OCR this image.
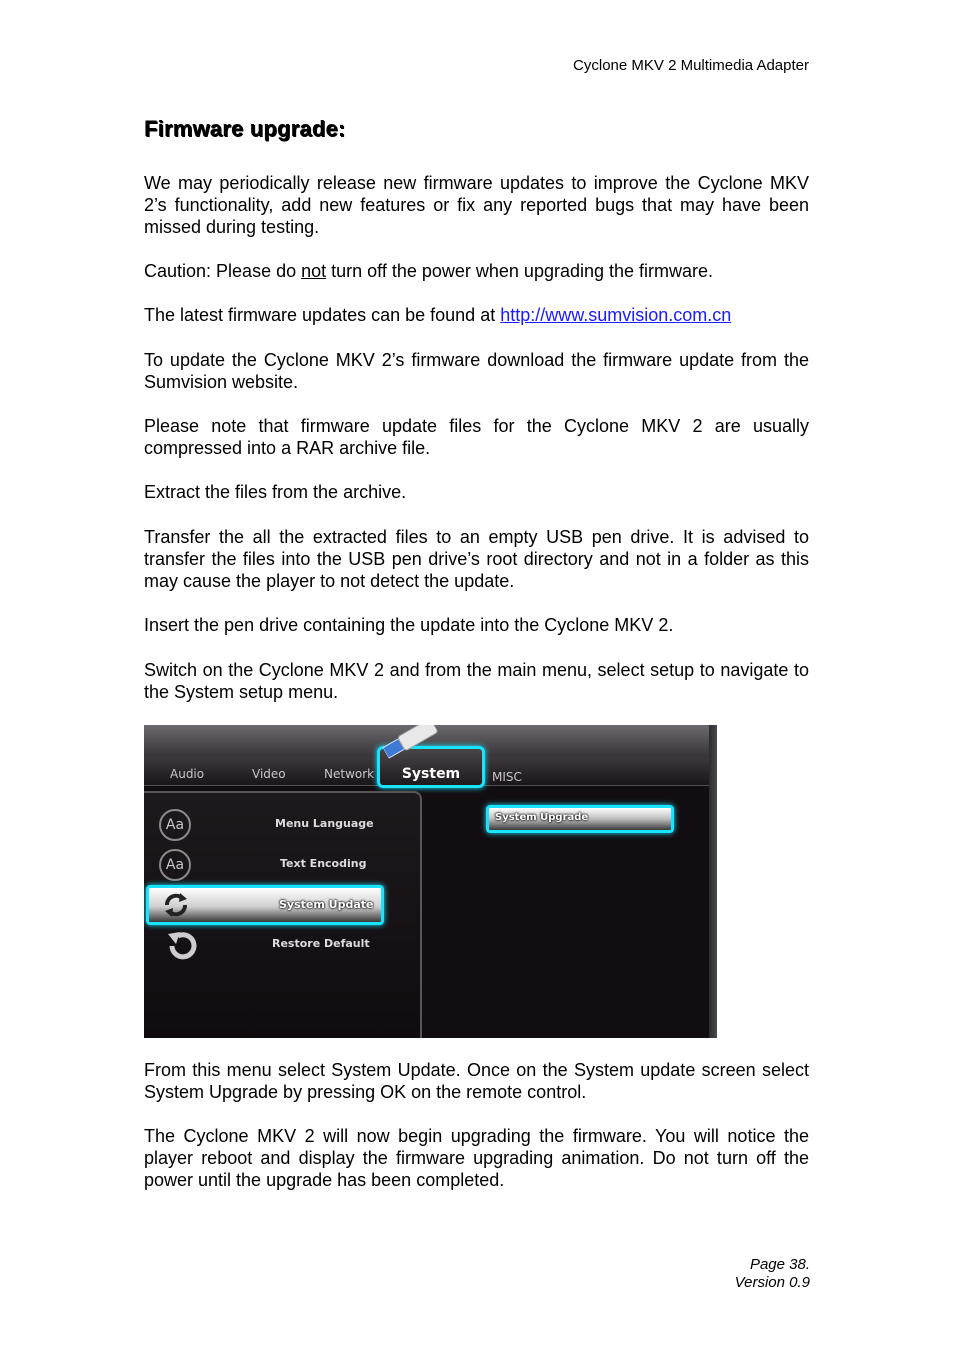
Cyclone MKV 2 Multimedia Adapter
Firmware upgrade:
We may periodically release new firmware updates to improve the Cyclone MKV 2’s functionality, add new features or fix any reported bugs that may have been missed during testing.
Caution: Please do not turn off the power when upgrading the firmware.
The latest firmware updates can be found at http://www.sumvision.com.cn
To update the Cyclone MKV 2’s firmware download the firmware update from the Sumvision website.
Please note that firmware update files for the Cyclone MKV 2 are usually compressed into a RAR archive file.
Extract the files from the archive.
Transfer the all the extracted files to an empty USB pen drive. It is advised to transfer the files into the USB pen drive’s root directory and not in a folder as this may cause the player to not detect the update.
Insert the pen drive containing the update into the Cyclone MKV 2.
Switch on the Cyclone MKV 2 and from the main menu, select setup to navigate to the System setup menu.
Audio	Video	Network	System	MISC
Aa	Menu Language
Aa	Text Encoding
System Update
Restore Default
System Upgrade
From this menu select System Update. Once on the System update screen select System Upgrade by pressing OK on the remote control.
The Cyclone MKV 2 will now begin upgrading the firmware. You will notice the player reboot and display the firmware upgrading animation. Do not turn off the power until the upgrade has been completed.
Page 38.
Version 0.9
